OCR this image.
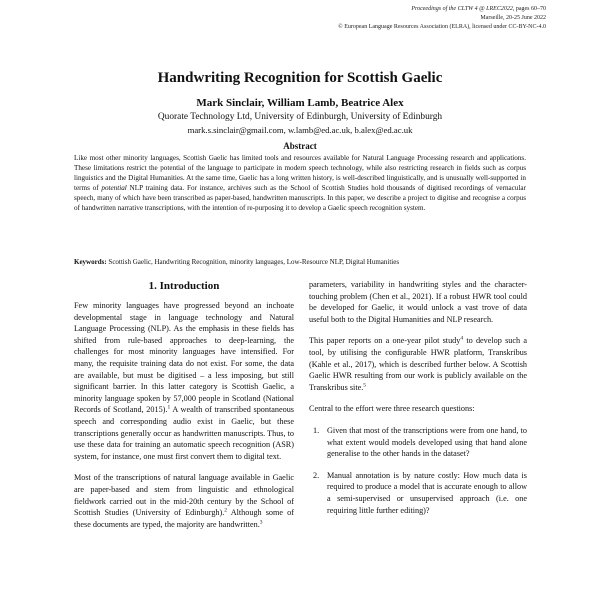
Proceedings of the CLTW 4 @ LREC2022, pages 60–70
Marseille, 20-25 June 2022
© European Language Resources Association (ELRA), licensed under CC-BY-NC-4.0
Handwriting Recognition for Scottish Gaelic
Mark Sinclair, William Lamb, Beatrice Alex
Quorate Technology Ltd, University of Edinburgh, University of Edinburgh
mark.s.sinclair@gmail.com, w.lamb@ed.ac.uk, b.alex@ed.ac.uk
Abstract
Like most other minority languages, Scottish Gaelic has limited tools and resources available for Natural Language Processing research and applications. These limitations restrict the potential of the language to participate in modern speech technology, while also restricting research in fields such as corpus linguistics and the Digital Humanities. At the same time, Gaelic has a long written history, is well-described linguistically, and is unusually well-supported in terms of potential NLP training data. For instance, archives such as the School of Scottish Studies hold thousands of digitised recordings of vernacular speech, many of which have been transcribed as paper-based, handwritten manuscripts. In this paper, we describe a project to digitise and recognise a corpus of handwritten narrative transcriptions, with the intention of re-purposing it to develop a Gaelic speech recognition system.
Keywords: Scottish Gaelic, Handwriting Recognition, minority languages, Low-Resource NLP, Digital Humanities
1. Introduction

Few minority languages have progressed beyond an inchoate developmental stage in language technology and Natural Language Processing (NLP). As the emphasis in these fields has shifted from rule-based approaches to deep-learning, the challenges for most minority languages have intensified. For many, the requisite training data do not exist. For some, the data are available, but must be digitised – a less imposing, but still significant barrier. In this latter category is Scottish Gaelic, a minority language spoken by 57,000 people in Scotland (National Records of Scotland, 2015).$^1$ A wealth of transcribed spontaneous speech and corresponding audio exist in Gaelic, but these transcriptions generally occur as handwritten manuscripts. Thus, to use these data for training an automatic speech recognition (ASR) system, for instance, one must first convert them to digital text.

Most of the transcriptions of natural language available in Gaelic are paper-based and stem from linguistic and ethnological fieldwork carried out in the mid-20th century by the School of Scottish Studies (University of Edinburgh).$^2$ Although some of these documents are typed, the majority are handwritten.$^3$

parameters, variability in handwriting styles and the character-touching problem (Chen et al., 2021). If a robust HWR tool could be developed for Gaelic, it would unlock a vast trove of data useful both to the Digital Humanities and NLP research.

This paper reports on a one-year pilot study$^4$ to develop such a tool, by utilising the configurable HWR platform, Transkribus (Kahle et al., 2017), which is described further below. A Scottish Gaelic HWR resulting from our work is publicly available on the Transkribus site.$^5$

Central to the effort were three research questions:

1. Given that most of the transcriptions were from one hand, to what extent would models developed using that hand alone generalise to the other hands in the dataset?
2. Manual annotation is by nature costly: How much data is required to produce a model that is accurate enough to allow a semi-supervised or unsupervised approach (i.e. one requiring little further editing)?
